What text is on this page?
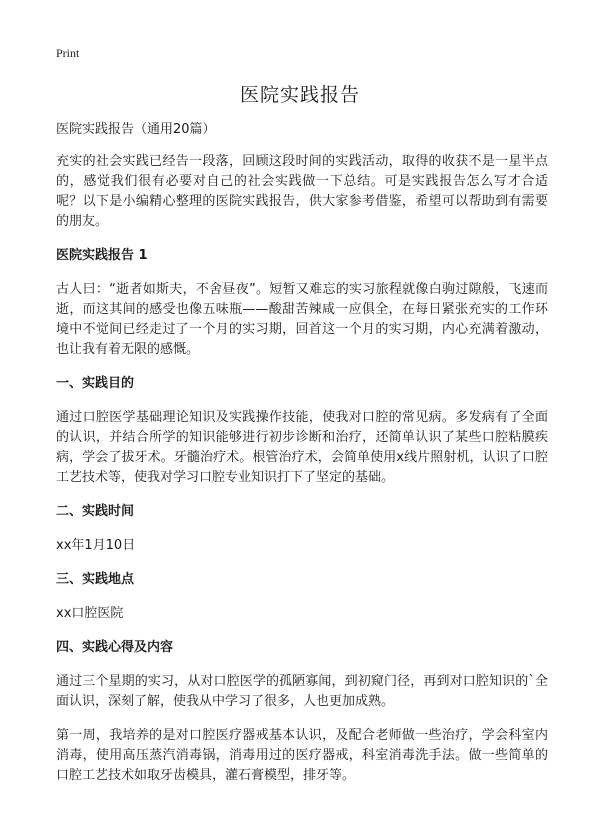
Print
医院实践报告

医院实践报告（通用20篇）

充实的社会实践已经告一段落，回顾这段时间的实践活动，取得的收获不是一星半点的，感觉我们很有必要对自己的社会实践做一下总结。可是实践报告怎么写才合适呢？以下是小编精心整理的医院实践报告，供大家参考借鉴，希望可以帮助到有需要的朋友。

医院实践报告 1

古人曰：“逝者如斯夫，不舍昼夜”。短暂又难忘的实习旅程就像白驹过隙般，飞速而逝，而这其间的感受也像五味瓶——酸甜苦辣咸一应俱全，在每日紧张充实的工作环境中不觉间已经走过了一个月的实习期，回首这一个月的实习期，内心充满着激动，也让我有着无限的感慨。

一、实践目的

通过口腔医学基础理论知识及实践操作技能，使我对口腔的常见病。多发病有了全面的认识，并结合所学的知识能够进行初步诊断和治疗，还简单认识了某些口腔粘膜疾病，学会了拔牙术。牙髓治疗术。根管治疗术，会简单使用x线片照射机，认识了口腔工艺技术等，使我对学习口腔专业知识打下了坚定的基础。

二、实践时间

xx年1月10日

三、实践地点

xx口腔医院

四、实践心得及内容

通过三个星期的实习，从对口腔医学的孤陋寡闻，到初窥门径，再到对口腔知识的`全面认识，深刻了解，使我从中学习了很多，人也更加成熟。

第一周，我培养的是对口腔医疗器戒基本认识，及配合老师做一些治疗，学会科室内消毒，使用高压蒸汽消毒锅，消毒用过的医疗器戒，科室消毒洗手法。做一些简单的口腔工艺技术如取牙齿模具，灌石膏模型，排牙等。
